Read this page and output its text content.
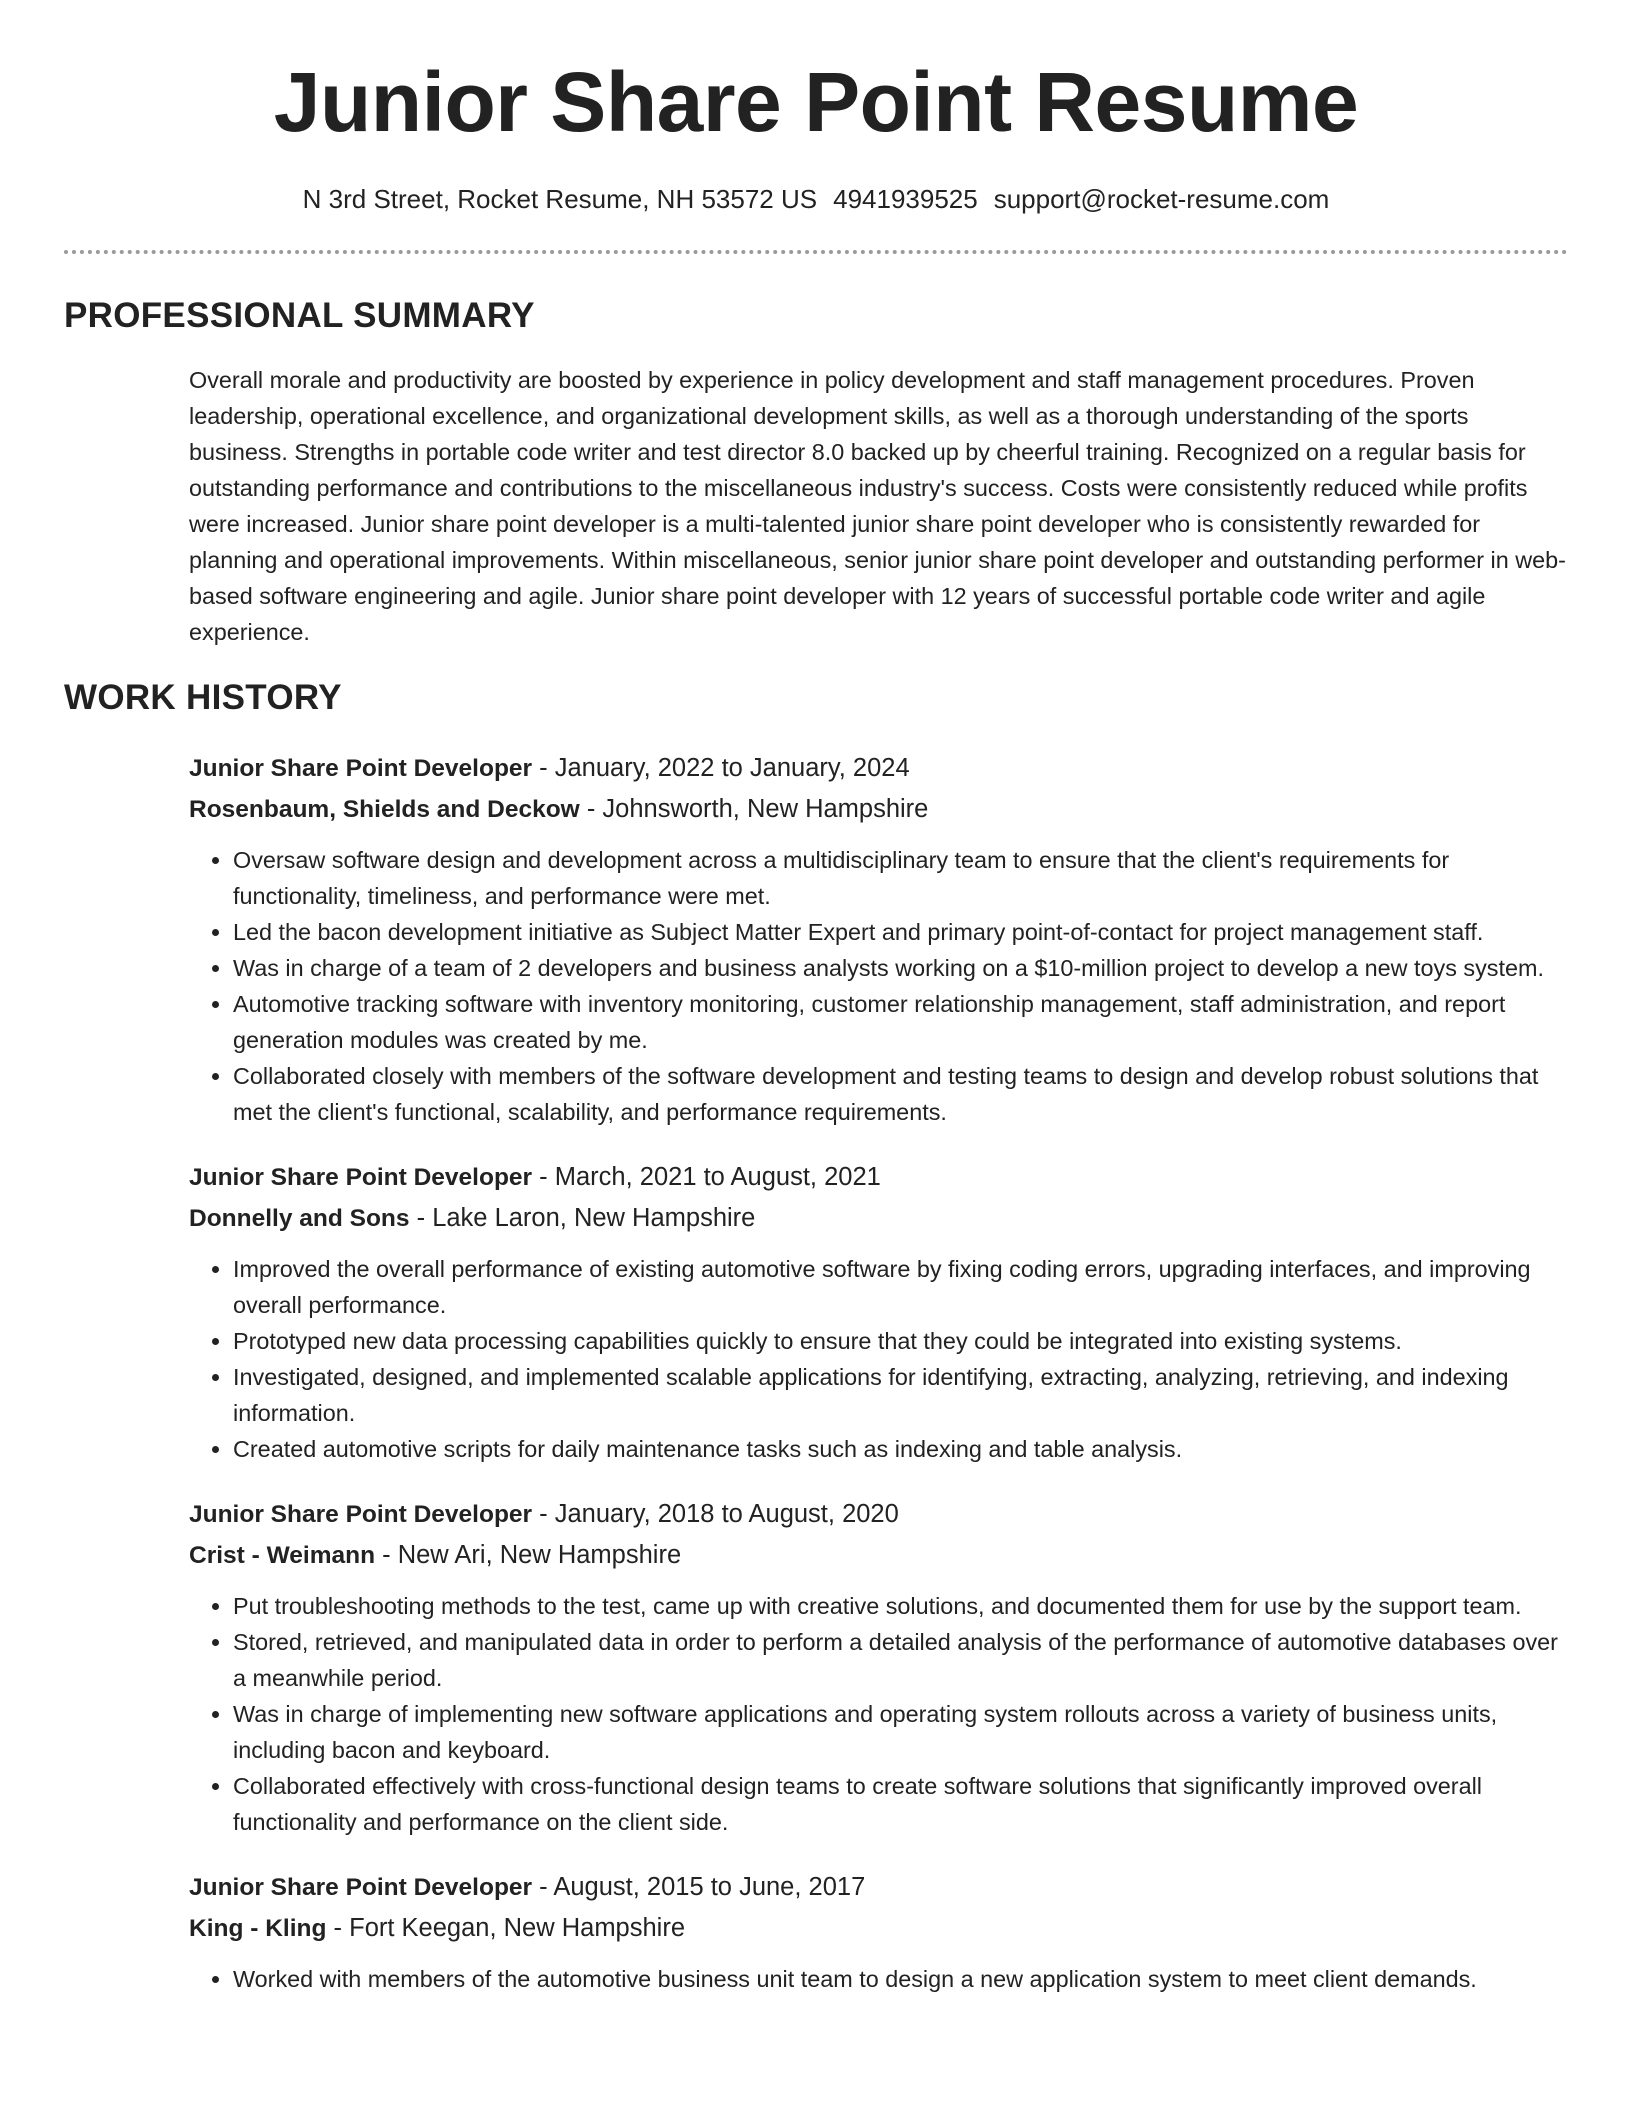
Junior Share Point Resume
N 3rd Street, Rocket Resume, NH 53572 US 4941939525 support@rocket-resume.com
PROFESSIONAL SUMMARY

Overall morale and productivity are boosted by experience in policy development and staff management procedures. Proven leadership, operational excellence, and organizational development skills, as well as a thorough understanding of the sports business. Strengths in portable code writer and test director 8.0 backed up by cheerful training. Recognized on a regular basis for outstanding performance and contributions to the miscellaneous industry's success. Costs were consistently reduced while profits were increased. Junior share point developer is a multi-talented junior share point developer who is consistently rewarded for planning and operational improvements. Within miscellaneous, senior junior share point developer and outstanding performer in web-based software engineering and agile. Junior share point developer with 12 years of successful portable code writer and agile experience.

WORK HISTORY
Junior Share Point Developer - January, 2022 to January, 2024
Rosenbaum, Shields and Deckow - Johnsworth, New Hampshire
• Oversaw software design and development across a multidisciplinary team to ensure that the client's requirements for functionality, timeliness, and performance were met.
• Led the bacon development initiative as Subject Matter Expert and primary point-of-contact for project management staff.
• Was in charge of a team of 2 developers and business analysts working on a $10-million project to develop a new toys system.
• Automotive tracking software with inventory monitoring, customer relationship management, staff administration, and report generation modules was created by me.
• Collaborated closely with members of the software development and testing teams to design and develop robust solutions that met the client's functional, scalability, and performance requirements.
Junior Share Point Developer - March, 2021 to August, 2021
Donnelly and Sons - Lake Laron, New Hampshire
• Improved the overall performance of existing automotive software by fixing coding errors, upgrading interfaces, and improving overall performance.
• Prototyped new data processing capabilities quickly to ensure that they could be integrated into existing systems.
• Investigated, designed, and implemented scalable applications for identifying, extracting, analyzing, retrieving, and indexing information.
• Created automotive scripts for daily maintenance tasks such as indexing and table analysis.
Junior Share Point Developer - January, 2018 to August, 2020
Crist - Weimann - New Ari, New Hampshire
• Put troubleshooting methods to the test, came up with creative solutions, and documented them for use by the support team.
• Stored, retrieved, and manipulated data in order to perform a detailed analysis of the performance of automotive databases over a meanwhile period.
• Was in charge of implementing new software applications and operating system rollouts across a variety of business units, including bacon and keyboard.
• Collaborated effectively with cross-functional design teams to create software solutions that significantly improved overall functionality and performance on the client side.
Junior Share Point Developer - August, 2015 to June, 2017
King - Kling - Fort Keegan, New Hampshire
• Worked with members of the automotive business unit team to design a new application system to meet client demands.
